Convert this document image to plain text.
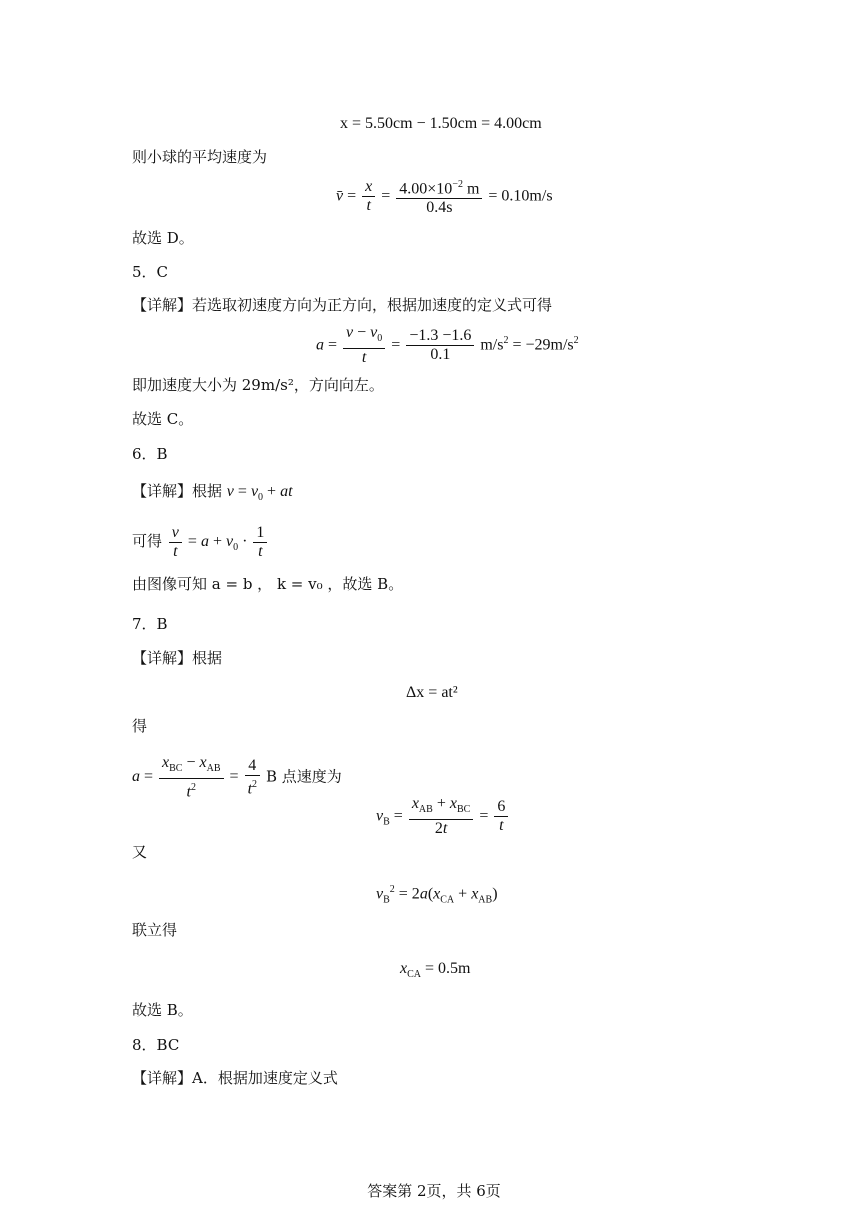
x = 5.50cm − 1.50cm = 4.00cm
则小球的平均速度为
v̄ = $\frac{x}{t} = \frac{4.00\times 10^{-2} m}{0.4s} = 0.10m/s$
故选 D。
5．C
【详解】若选取初速度方向为正方向，根据加速度的定义式可得
$a = \frac{v - v_0}{t} = \frac{-1.3 -1.6}{0.1} m/s^2 = -29m/s^2$
即加速度大小为 29m/s²，方向向左。
故选 C。
6．B
【详解】根据 $v = v_0$ + at
可得 $\frac{v}{t} = a + v_0 \cdot \frac{1}{t}$
由图像可知 a = b ， k = v₀ ，故选 B。
7．B
【详解】根据
Δx = at²
得
$a = \frac{x_{BC} - x_{AB}}{t^2} = \frac{4}{t^2}$ B 点速度为
$v_B = \frac{x_{AB} + x_{BC}}{2t} = \frac{6}{t}$
又
$v_B^2 = 2a(x_{CA} + x_{AB})$
联立得
$x_{CA} = 0.5m$
故选 B。
8．BC
【详解】A．根据加速度定义式
答案第 2页，共 6页
